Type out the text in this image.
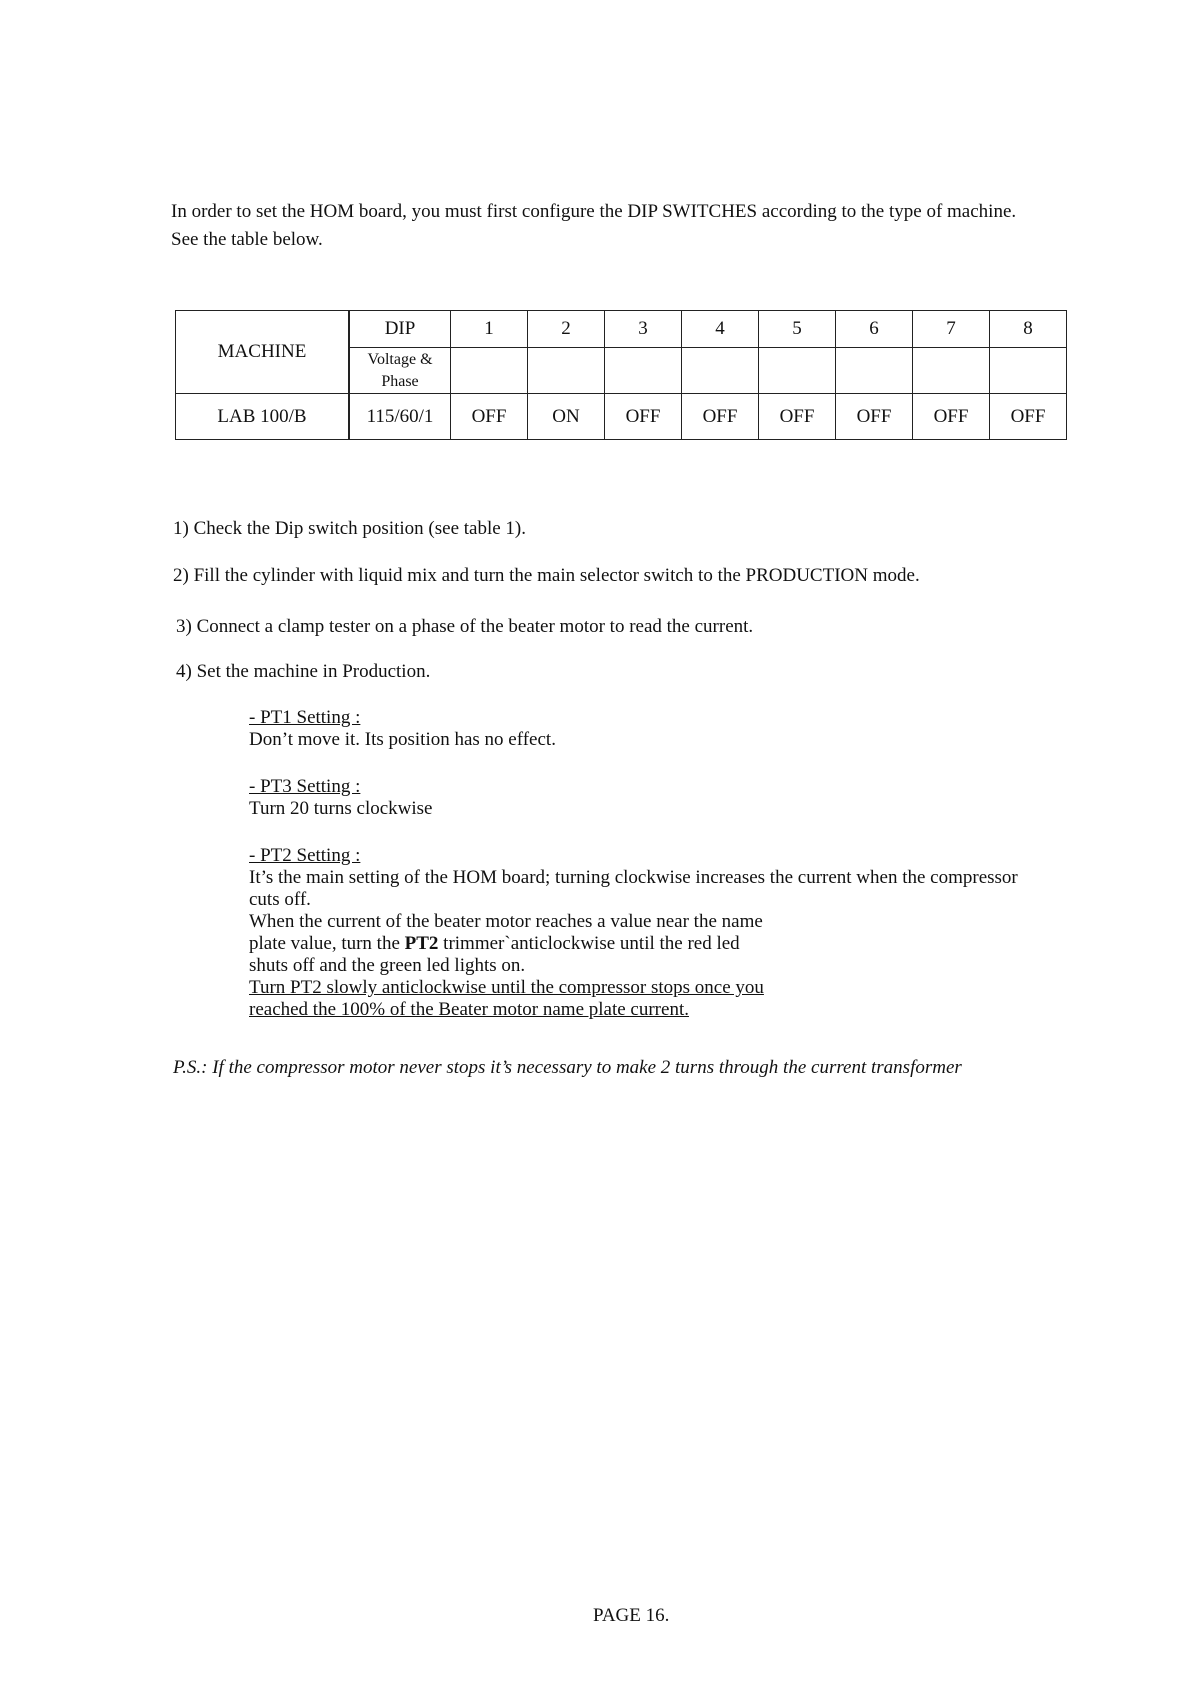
In order to set the HOM board, you must first configure the DIP SWITCHES according to the type of machine.

See the table below.

MACHINE	DIP	1	2	3	4	5	6	7	8

	Voltage &
Phase								

LAB 100/B	115/60/1	OFF	ON	OFF	OFF	OFF	OFF	OFF	OFF
1) Check the Dip switch position (see table 1).
2) Fill the cylinder with liquid mix and turn the main selector switch to the PRODUCTION mode.
3) Connect a clamp tester on a phase of the beater motor to read the current.
4) Set the machine in Production.
- PT1 Setting :
Don’t move it. Its position has no effect.
- PT3 Setting :
Turn 20 turns clockwise
- PT2 Setting :
It’s the main setting of the HOM board; turning clockwise increases the current when the compressor
cuts off.
When the current of the beater motor reaches a value near the name
plate value, turn the PT2 trimmer`anticlockwise until the red led
shuts off and the green led lights on.
Turn PT2 slowly anticlockwise until the compressor stops once you
reached the 100% of the Beater motor name plate current.
P.S.: If the compressor motor never stops it’s necessary to make 2 turns through the current transformer
PAGE 16.
